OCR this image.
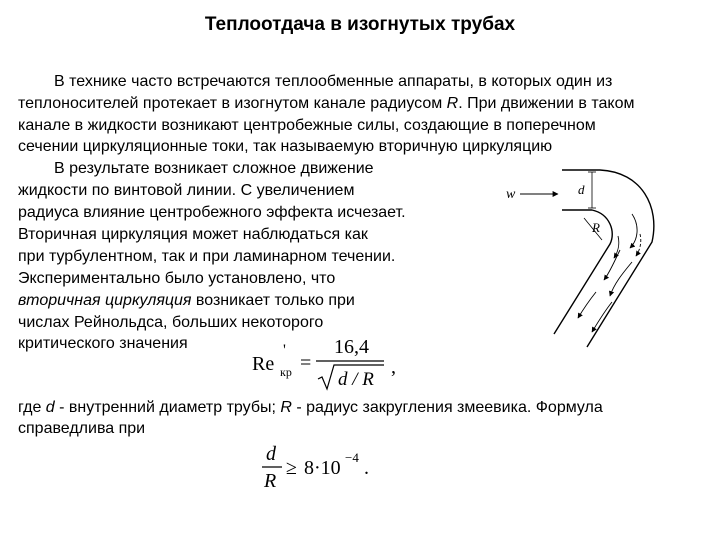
Теплоотдача в изогнутых трубах
В технике часто встречаются теплообменные аппараты, в которых один из
теплоносителей протекает в изогнутом канале радиусом R. При движении в таком
канале в жидкости возникают центробежные силы, создающие в поперечном
сечении циркуляционные токи, так называемую вторичную циркуляцию
В результате возникает сложное движение
жидкости по винтовой линии. С увеличением
радиуса влияние центробежного эффекта исчезает.
Вторичная циркуляция может наблюдаться как
при турбулентном, так и при ламинарном течении.
Экспериментально было установлено, что
вторичная циркуляция возникает только при
числах Рейнольдса, больших некоторого
критического значения
Re
'
кр =
16,4
d / R
,
где d - внутренний диаметр трубы; R - радиус закругления змеевика. Формула
справедлива при
d
R
≥ 8·10 −4 .
w	d
R
